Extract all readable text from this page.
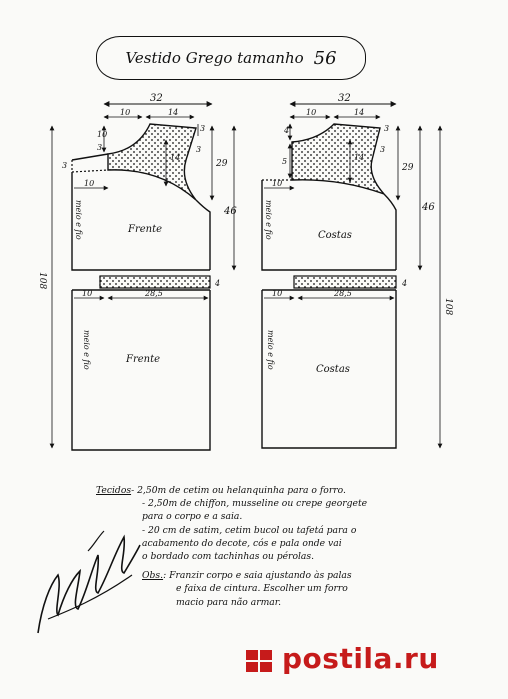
Vestido Grego tamanho 56
32
10	14
10
3
3
3
3
14
29
46
10
meio e fio	Frente
4
10	28,5
meio e fio	Frente
108
32
10	14
4
5
3
3
14
29
46
10
meio e fio	Costas
4
10	28,5
meio e fio	Costas
108
Tecidos- 2,50m de cetim ou helanquinha para o forro.
- 2,50m de chiffon, musseline ou crepe georgete
para o corpo e a saia.
- 20 cm de satim, cetim bucol ou tafetá para o
acabamento do decote, cós e pala onde vai
o bordado com tachinhas ou pérolas.
Obs.: Franzir corpo e saia ajustando às palas
e faixa de cintura. Escolher um forro
macio para não armar.
postila.ru
